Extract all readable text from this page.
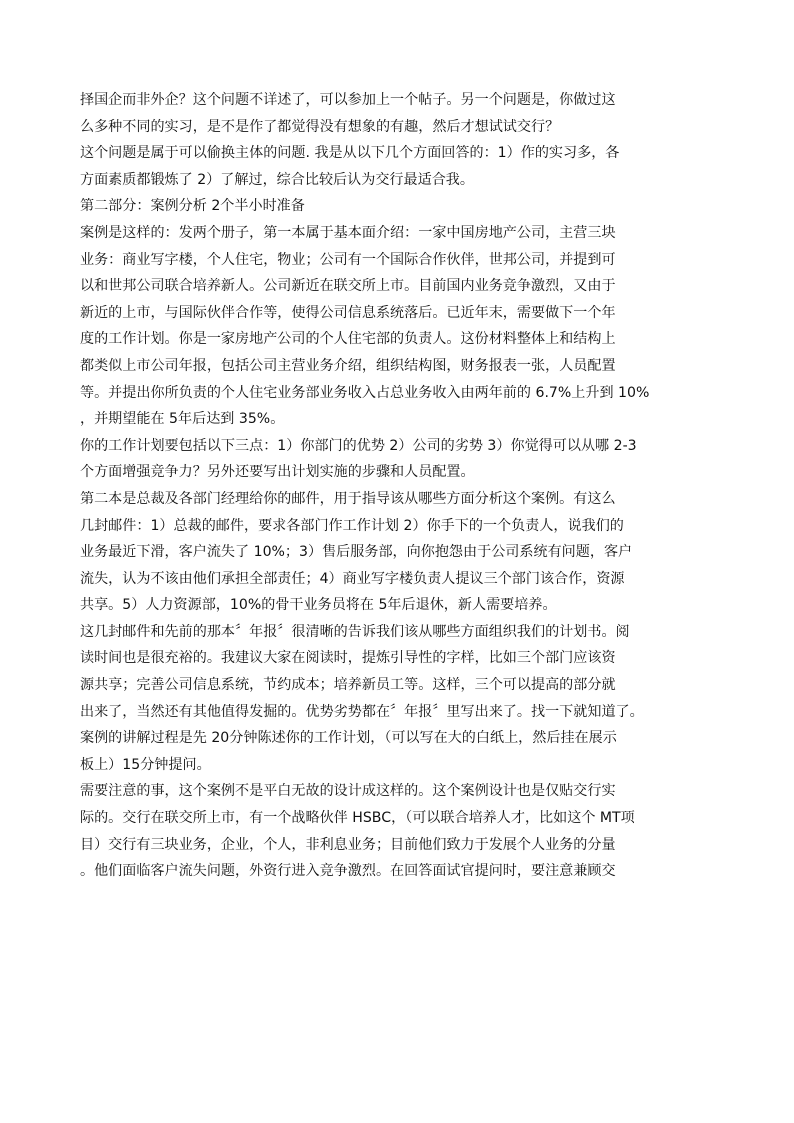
择国企而非外企？这个问题不详述了，可以参加上一个帖子。另一个问题是，你做过这
么多种不同的实习，是不是作了都觉得没有想象的有趣，然后才想试试交行？
这个问题是属于可以偷换主体的问题. 我是从以下几个方面回答的：1）作的实习多，各
方面素质都锻炼了 2）了解过，综合比较后认为交行最适合我。
第二部分：案例分析 2个半小时准备
案例是这样的：发两个册子，第一本属于基本面介绍：一家中国房地产公司，主营三块
业务：商业写字楼，个人住宅，物业；公司有一个国际合作伙伴，世邦公司，并提到可
以和世邦公司联合培养新人。公司新近在联交所上市。目前国内业务竞争激烈，又由于
新近的上市，与国际伙伴合作等，使得公司信息系统落后。已近年末，需要做下一个年
度的工作计划。你是一家房地产公司的个人住宅部的负责人。这份材料整体上和结构上
都类似上市公司年报，包括公司主营业务介绍，组织结构图，财务报表一张，人员配置
等。并提出你所负责的个人住宅业务部业务收入占总业务收入由两年前的 6.7%上升到 10%
，并期望能在 5年后达到 35%。
你的工作计划要包括以下三点：1）你部门的优势 2）公司的劣势 3）你觉得可以从哪 2-3
个方面增强竞争力？另外还要写出计划实施的步骤和人员配置。
第二本是总裁及各部门经理给你的邮件，用于指导该从哪些方面分析这个案例。有这么
几封邮件：1）总裁的邮件，要求各部门作工作计划 2）你手下的一个负责人，说我们的
业务最近下滑，客户流失了 10%；3）售后服务部，向你抱怨由于公司系统有问题，客户
流失，认为不该由他们承担全部责任；4）商业写字楼负责人提议三个部门该合作，资源
共享。5）人力资源部，10%的骨干业务员将在 5年后退休，新人需要培养。
这几封邮件和先前的那本〞年报〞很清晰的告诉我们该从哪些方面组织我们的计划书。阅
读时间也是很充裕的。我建议大家在阅读时，提炼引导性的字样，比如三个部门应该资
源共享；完善公司信息系统，节约成本；培养新员工等。这样，三个可以提高的部分就
出来了，当然还有其他值得发掘的。优势劣势都在〞年报〞里写出来了。找一下就知道了。
案例的讲解过程是先 20分钟陈述你的工作计划，（可以写在大的白纸上，然后挂在展示
板上）15分钟提问。
需要注意的事，这个案例不是平白无故的设计成这样的。这个案例设计也是仅贴交行实
际的。交行在联交所上市，有一个战略伙伴 HSBC，（可以联合培养人才，比如这个 MT项
目）交行有三块业务，企业，个人，非利息业务；目前他们致力于发展个人业务的分量
。他们面临客户流失问题，外资行进入竞争激烈。在回答面试官提问时，要注意兼顾交
